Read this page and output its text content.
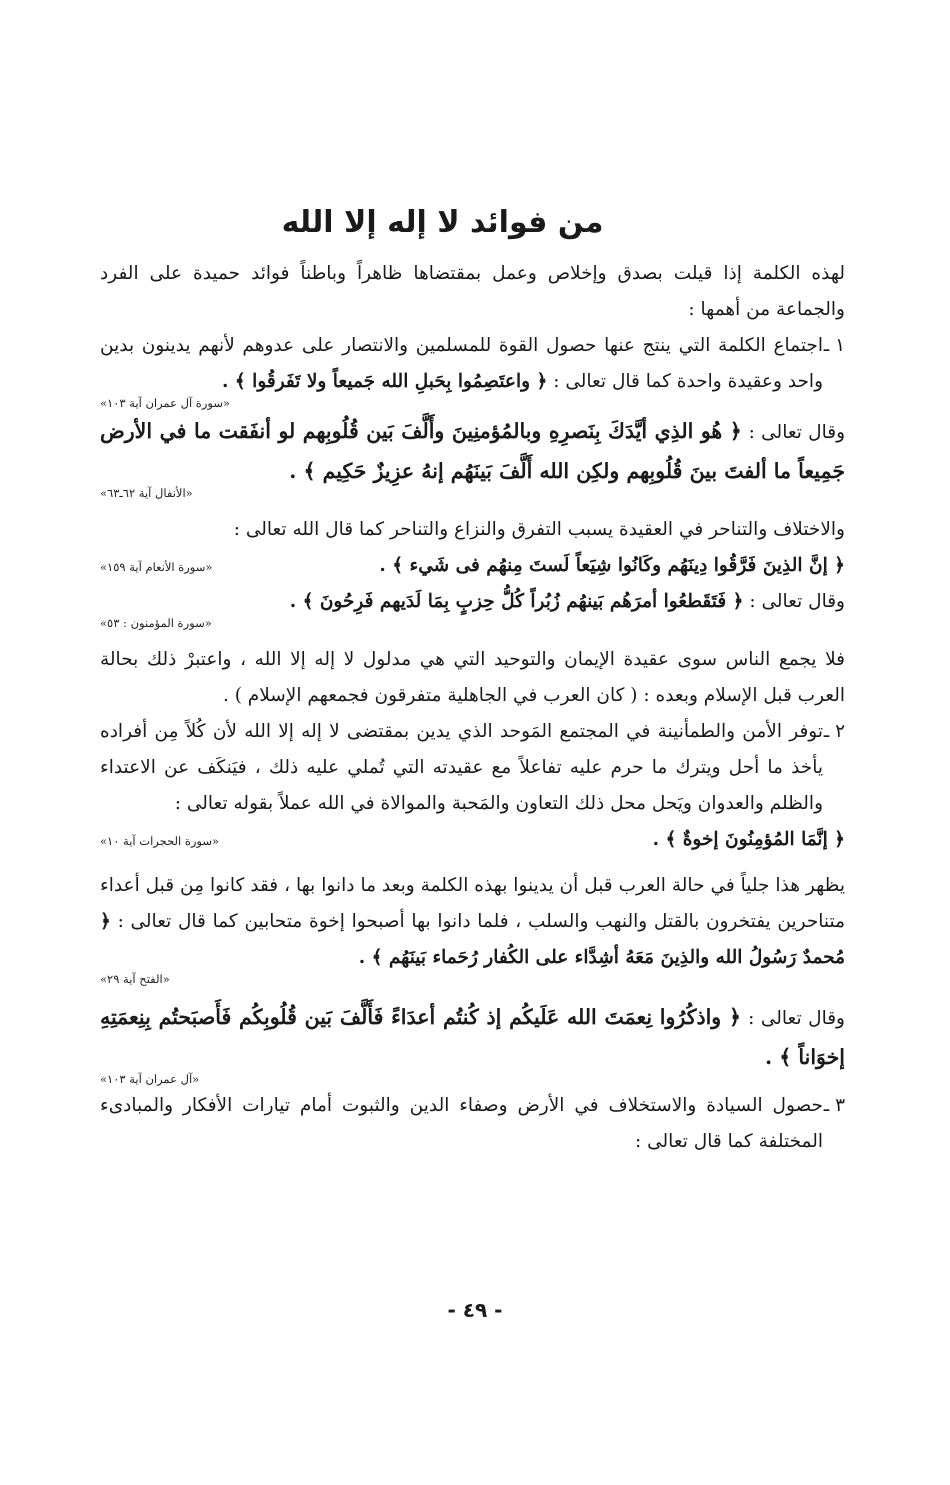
من فوائد لا إله إلا الله

لهذه الكلمة إذا قيلت بصدق وإخلاص وعمل بمقتضاها ظاهراً وباطناً فوائد حميدة على الفرد والجماعة من أهمها :

١ ـ

اجتماع الكلمة التي ينتج عنها حصول القوة للمسلمين والانتصار على عدوهم لأنهم يدينون بدين واحد وعقيدة واحدة كما قال تعالى : ﴿ واعتَصِمُوا بِحَبلِ الله جَميعاً ولا تَفَرقُوا ﴾ .

«سورة آل عمران آية ١٠٣»

وقال تعالى : ﴿ هُو الذِي أيَّدَكَ بِنَصرِهِ وبالمُؤمنِينَ وأَلَّفَ بَين قُلُوبِهم لو أنفَقت ما في الأرض جَمِيعاً ما ألفتَ بينَ قُلُوبِهم ولكِن الله أَلَّفَ بَينَهُم إنهُ عزِيزٌ حَكِيم ﴾ .

«الأنفال آية ٦٢ـ٦٣»

والاختلاف والتناحر في العقيدة يسبب التفرق والنزاع والتناحر كما قال الله تعالى :

﴿ إنَّ الذِينَ فَرَّقُوا دِينَهُم وكَانُوا شِيَعاً لَستَ مِنهُم فى شَيء ﴾ .
«سورة الأنعام آية ١٥٩»

وقال تعالى : ﴿ فَتَقَطعُوا أمرَهُم بَينهُم زُبُراً كُلُّ حِزبٍ بِمَا لَدَيهم فَرِحُونَ ﴾ .

«سورة المؤمنون : ٥٣»

فلا يجمع الناس سوى عقيدة الإيمان والتوحيد التي هي مدلول لا إله إلا الله ، واعتبرْ ذلك بحالة العرب قبل الإسلام وبعده : ( كان العرب في الجاهلية متفرقون فجمعهم الإسلام ) .

٢ ـ

توفر الأمن والطمأنينة في المجتمع المَوحد الذي يدين بمقتضى لا إله إلا الله لأن كُلاً مِن أفراده يأخذ ما أحل ويترك ما حرم عليه تفاعلاً مع عقيدته التي تُملي عليه ذلك ، فيَنكَف عن الاعتداء والظلم والعدوان ويَحل محل ذلك التعاون والمَحبة والموالاة في الله عملاً بقوله تعالى :

﴿ إنَّمَا المُؤمِنُونَ إخوةٌ ﴾ .
«سورة الحجرات آية ١٠»

يظهر هذا جلياً في حالة العرب قبل أن يدينوا بهذه الكلمة وبعد ما دانوا بها ، فقد كانوا مِن قبل أعداء متناحرين يفتخرون بالقتل والنهب والسلب ، فلما دانوا بها أصبحوا إخوة متحابين كما قال تعالى : ﴿ مُحمدٌ رَسُولُ الله والذِينَ مَعَهُ أشِدَّاء على الكُفار رُحَماء بَينَهُم ﴾ .

«الفتح آية ٢٩»

وقال تعالى : ﴿ واذكُرُوا نِعمَتَ الله عَلَيكُم إذ كُنتُم أعدَاءً فَأَلَّفَ بَين قُلُوبِكُم فَأَصبَحتُم بِنِعمَتِهِ إخوَاناً ﴾ .

«آل عمران آية ١٠٣»
٣ ـ

حصول السيادة والاستخلاف في الأرض وصفاء الدين والثبوت أمام تيارات الأفكار والمبادىء المختلفة كما قال تعالى :

- ٤٩ -
